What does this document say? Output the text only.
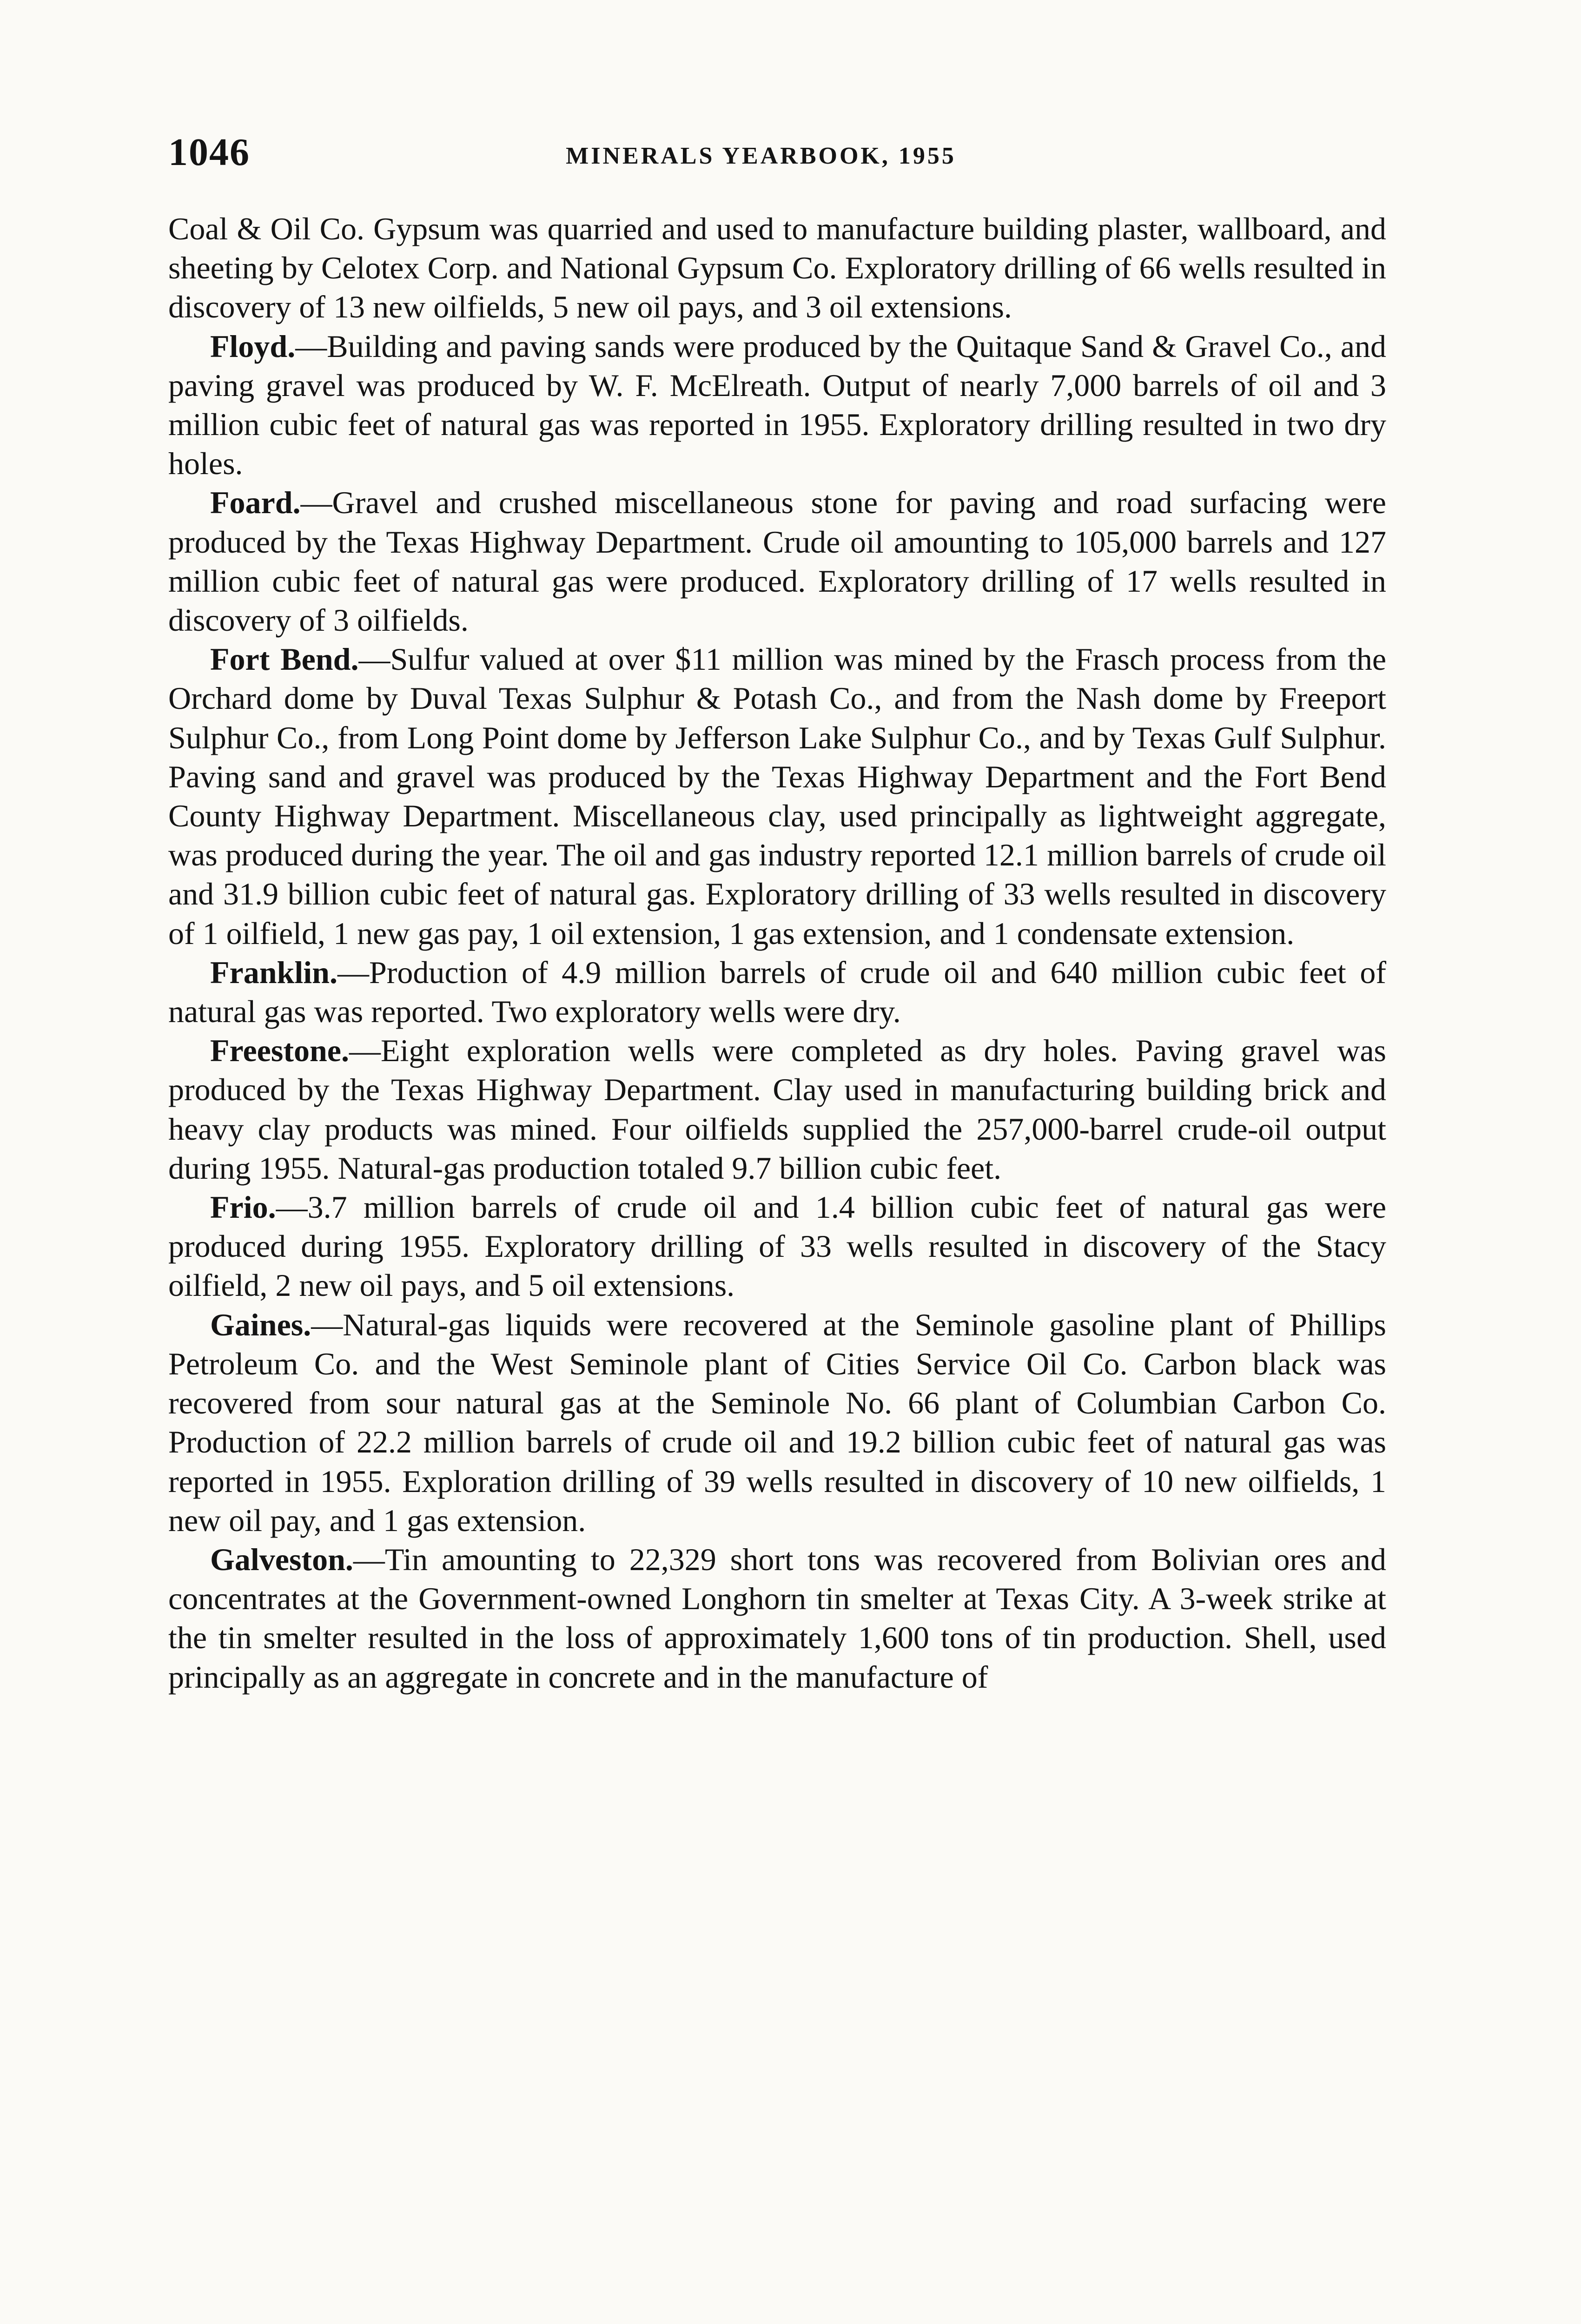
1046	MINERALS YEARBOOK, 1955

Coal & Oil Co. Gypsum was quarried and used to manufacture building plaster, wallboard, and sheeting by Celotex Corp. and National Gypsum Co. Exploratory drilling of 66 wells resulted in discovery of 13 new oilfields, 5 new oil pays, and 3 oil extensions.

Floyd.—Building and paving sands were produced by the Quitaque Sand & Gravel Co., and paving gravel was produced by W. F. McElreath. Output of nearly 7,000 barrels of oil and 3 million cubic feet of natural gas was reported in 1955. Exploratory drilling resulted in two dry holes.

Foard.—Gravel and crushed miscellaneous stone for paving and road surfacing were produced by the Texas Highway Department. Crude oil amounting to 105,000 barrels and 127 million cubic feet of natural gas were produced. Exploratory drilling of 17 wells resulted in discovery of 3 oilfields.

Fort Bend.—Sulfur valued at over $11 million was mined by the Frasch process from the Orchard dome by Duval Texas Sulphur & Potash Co., and from the Nash dome by Freeport Sulphur Co., from Long Point dome by Jefferson Lake Sulphur Co., and by Texas Gulf Sulphur. Paving sand and gravel was produced by the Texas Highway Department and the Fort Bend County Highway Department. Miscellaneous clay, used principally as lightweight aggregate, was produced during the year. The oil and gas industry reported 12.1 million barrels of crude oil and 31.9 billion cubic feet of natural gas. Exploratory drilling of 33 wells resulted in discovery of 1 oilfield, 1 new gas pay, 1 oil extension, 1 gas extension, and 1 condensate extension.

Franklin.—Production of 4.9 million barrels of crude oil and 640 million cubic feet of natural gas was reported. Two exploratory wells were dry.

Freestone.—Eight exploration wells were completed as dry holes. Paving gravel was produced by the Texas Highway Department. Clay used in manufacturing building brick and heavy clay products was mined. Four oilfields supplied the 257,000-barrel crude-oil output during 1955. Natural-gas production totaled 9.7 billion cubic feet.

Frio.—3.7 million barrels of crude oil and 1.4 billion cubic feet of natural gas were produced during 1955. Exploratory drilling of 33 wells resulted in discovery of the Stacy oilfield, 2 new oil pays, and 5 oil extensions.

Gaines.—Natural-gas liquids were recovered at the Seminole gasoline plant of Phillips Petroleum Co. and the West Seminole plant of Cities Service Oil Co. Carbon black was recovered from sour natural gas at the Seminole No. 66 plant of Columbian Carbon Co. Production of 22.2 million barrels of crude oil and 19.2 billion cubic feet of natural gas was reported in 1955. Exploration drilling of 39 wells resulted in discovery of 10 new oilfields, 1 new oil pay, and 1 gas extension.

Galveston.—Tin amounting to 22,329 short tons was recovered from Bolivian ores and concentrates at the Government-owned Longhorn tin smelter at Texas City. A 3-week strike at the tin smelter resulted in the loss of approximately 1,600 tons of tin production. Shell, used principally as an aggregate in concrete and in the manufacture of
